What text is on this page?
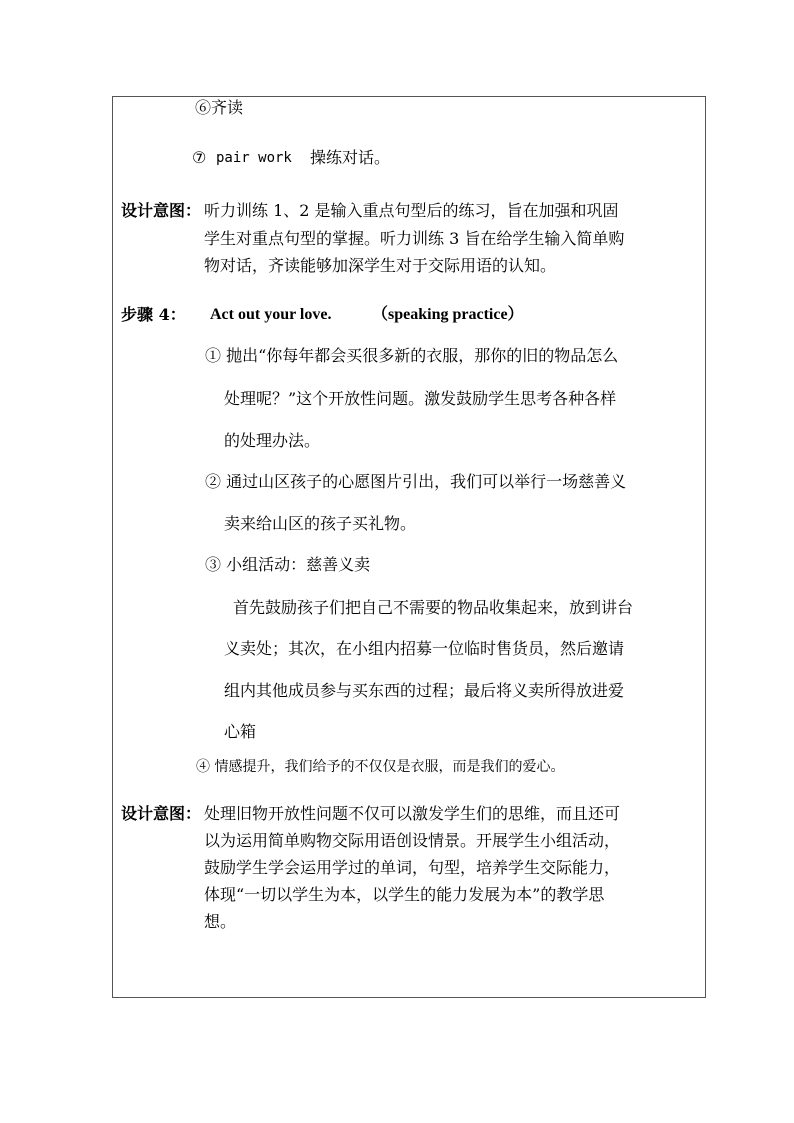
⑥齐读
⑦ pair work 操练对话。
设计意图： 听力训练 1、2 是输入重点句型后的练习，旨在加强和巩固
学生对重点句型的掌握。听力训练 3 旨在给学生输入简单购
物对话，齐读能够加深学生对于交际用语的认知。
步骤 4： Act out your love.	（speaking practice）
① 抛出“你每年都会买很多新的衣服，那你的旧的物品怎么
处理呢？”这个开放性问题。激发鼓励学生思考各种各样
的处理办法。
② 通过山区孩子的心愿图片引出，我们可以举行一场慈善义
卖来给山区的孩子买礼物。
③ 小组活动：慈善义卖
首先鼓励孩子们把自己不需要的物品收集起来，放到讲台
义卖处；其次，在小组内招募一位临时售货员，然后邀请
组内其他成员参与买东西的过程；最后将义卖所得放进爱
心箱
④ 情感提升，我们给予的不仅仅是衣服，而是我们的爱心。
设计意图： 处理旧物开放性问题不仅可以激发学生们的思维，而且还可
以为运用简单购物交际用语创设情景。开展学生小组活动，
鼓励学生学会运用学过的单词，句型，培养学生交际能力，
体现“一切以学生为本，以学生的能力发展为本”的教学思
想。
